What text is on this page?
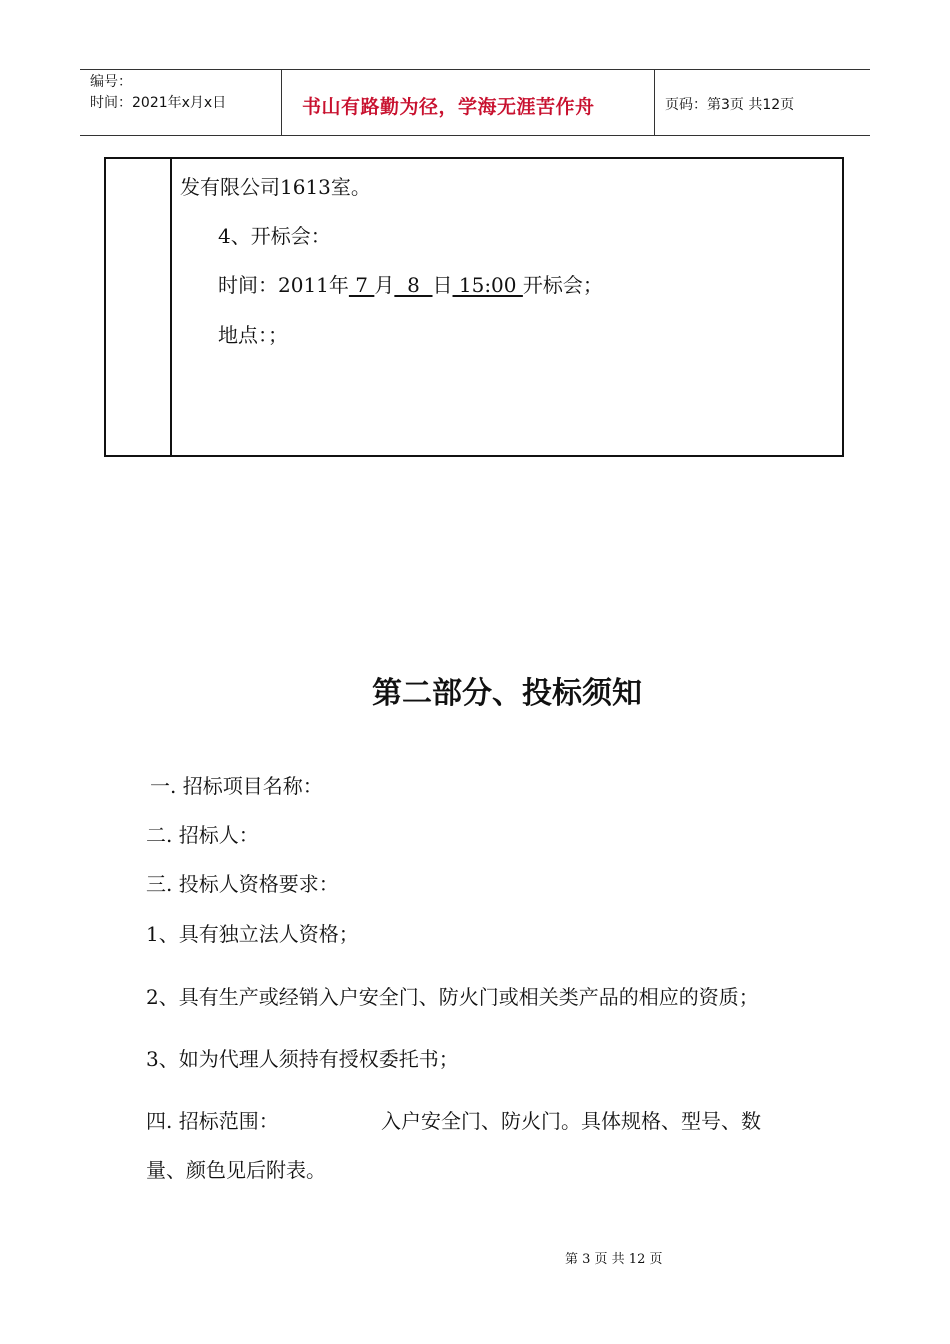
编号：
时间：2021年x月x日	书山有路勤为径，学海无涯苦作舟	页码：第3页 共12页
发有限公司1613室。
4、开标会：
时间：2011年 7 月  8  日 15:00 开标会；
地点：；
第二部分、投标须知
一. 招标项目名称：
二. 招标人：
三. 投标人资格要求：
1、具有独立法人资格；
2、具有生产或经销入户安全门、防火门或相关类产品的相应的资质；
3、如为代理人须持有授权委托书；
四. 招标范围：	入户安全门、防火门。具体规格、型号、数
量、颜色见后附表。
第 3 页 共 12 页
